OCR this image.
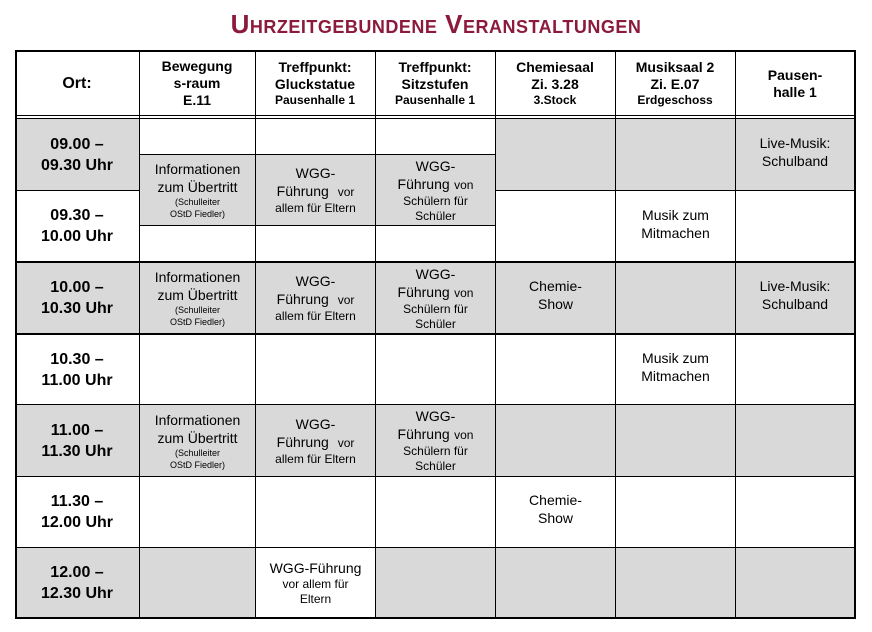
Uhrzeitgebundene Veranstaltungen
Ort:
Bewegung
s-raum
E.11
Treffpunkt:
Gluckstatue
Pausenhalle 1
Treffpunkt:
Sitzstufen
Pausenhalle 1
Chemiesaal
Zi. 3.28
3.Stock
Musiksaal 2
Zi. E.07
Erdgeschoss
Pausen-
halle 1
09.00 –
09.30 Uhr
09.30 –
10.00 Uhr
10.00 –
10.30 Uhr
10.30 –
11.00 Uhr
11.00 –
11.30 Uhr
11.30 –
12.00 Uhr
12.00 –
12.30 Uhr
Informationen
zum Übertritt
(Schulleiter
OStD Fiedler)
Informationen
zum Übertritt
(Schulleiter
OStD Fiedler)
Informationen
zum Übertritt
(Schulleiter
OStD Fiedler)
WGG-
Führung vor
allem für Eltern
WGG-
Führung vor
allem für Eltern
WGG-
Führung vor
allem für Eltern
WGG-Führung
vor allem für
Eltern
WGG-
Führung von
Schülern für
Schüler
WGG-
Führung von
Schülern für
Schüler
WGG-
Führung von
Schülern für
Schüler
Chemie-
Show
Chemie-
Show
Musik zum
Mitmachen
Musik zum
Mitmachen
Live-Musik:
Schulband
Live-Musik:
Schulband
